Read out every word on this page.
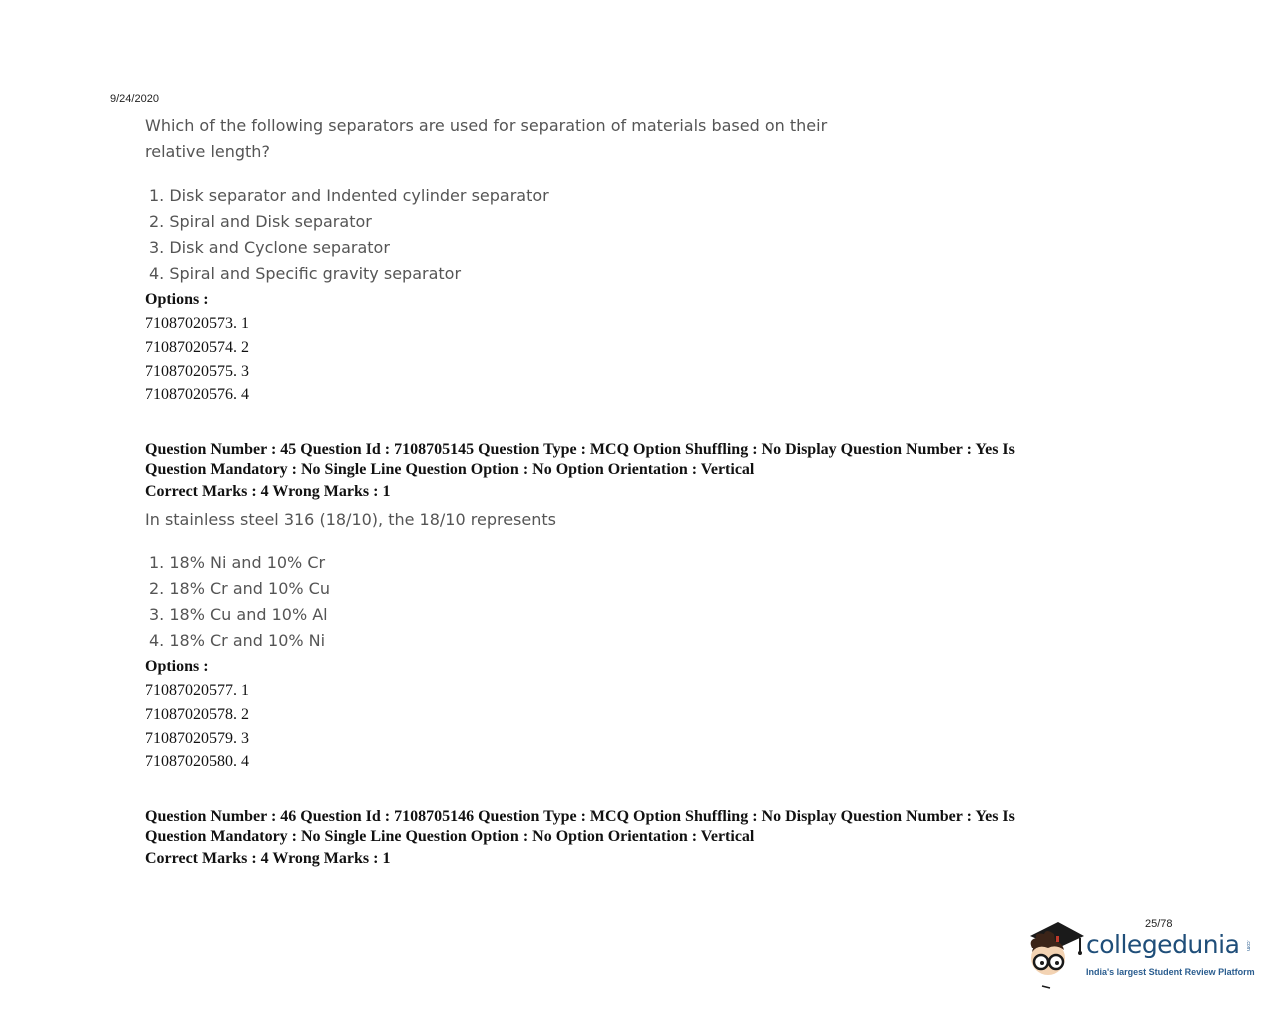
9/24/2020
Which of the following separators are used for separation of materials based on their relative length?
1. Disk separator and Indented cylinder separator
2. Spiral and Disk separator
3. Disk and Cyclone separator
4. Spiral and Specific gravity separator
Options :
71087020573. 1
71087020574. 2
71087020575. 3
71087020576. 4
Question Number : 45 Question Id : 7108705145 Question Type : MCQ Option Shuffling : No Display Question Number : Yes Is
Question Mandatory : No Single Line Question Option : No Option Orientation : Vertical
Correct Marks : 4 Wrong Marks : 1
In stainless steel 316 (18/10), the 18/10 represents
1. 18% Ni and 10% Cr
2. 18% Cr and 10% Cu
3. 18% Cu and 10% Al
4. 18% Cr and 10% Ni
Options :
71087020577. 1
71087020578. 2
71087020579. 3
71087020580. 4
Question Number : 46 Question Id : 7108705146 Question Type : MCQ Option Shuffling : No Display Question Number : Yes Is
Question Mandatory : No Single Line Question Option : No Option Orientation : Vertical
Correct Marks : 4 Wrong Marks : 1
25/78
collegedunia .com
India's largest Student Review Platform
